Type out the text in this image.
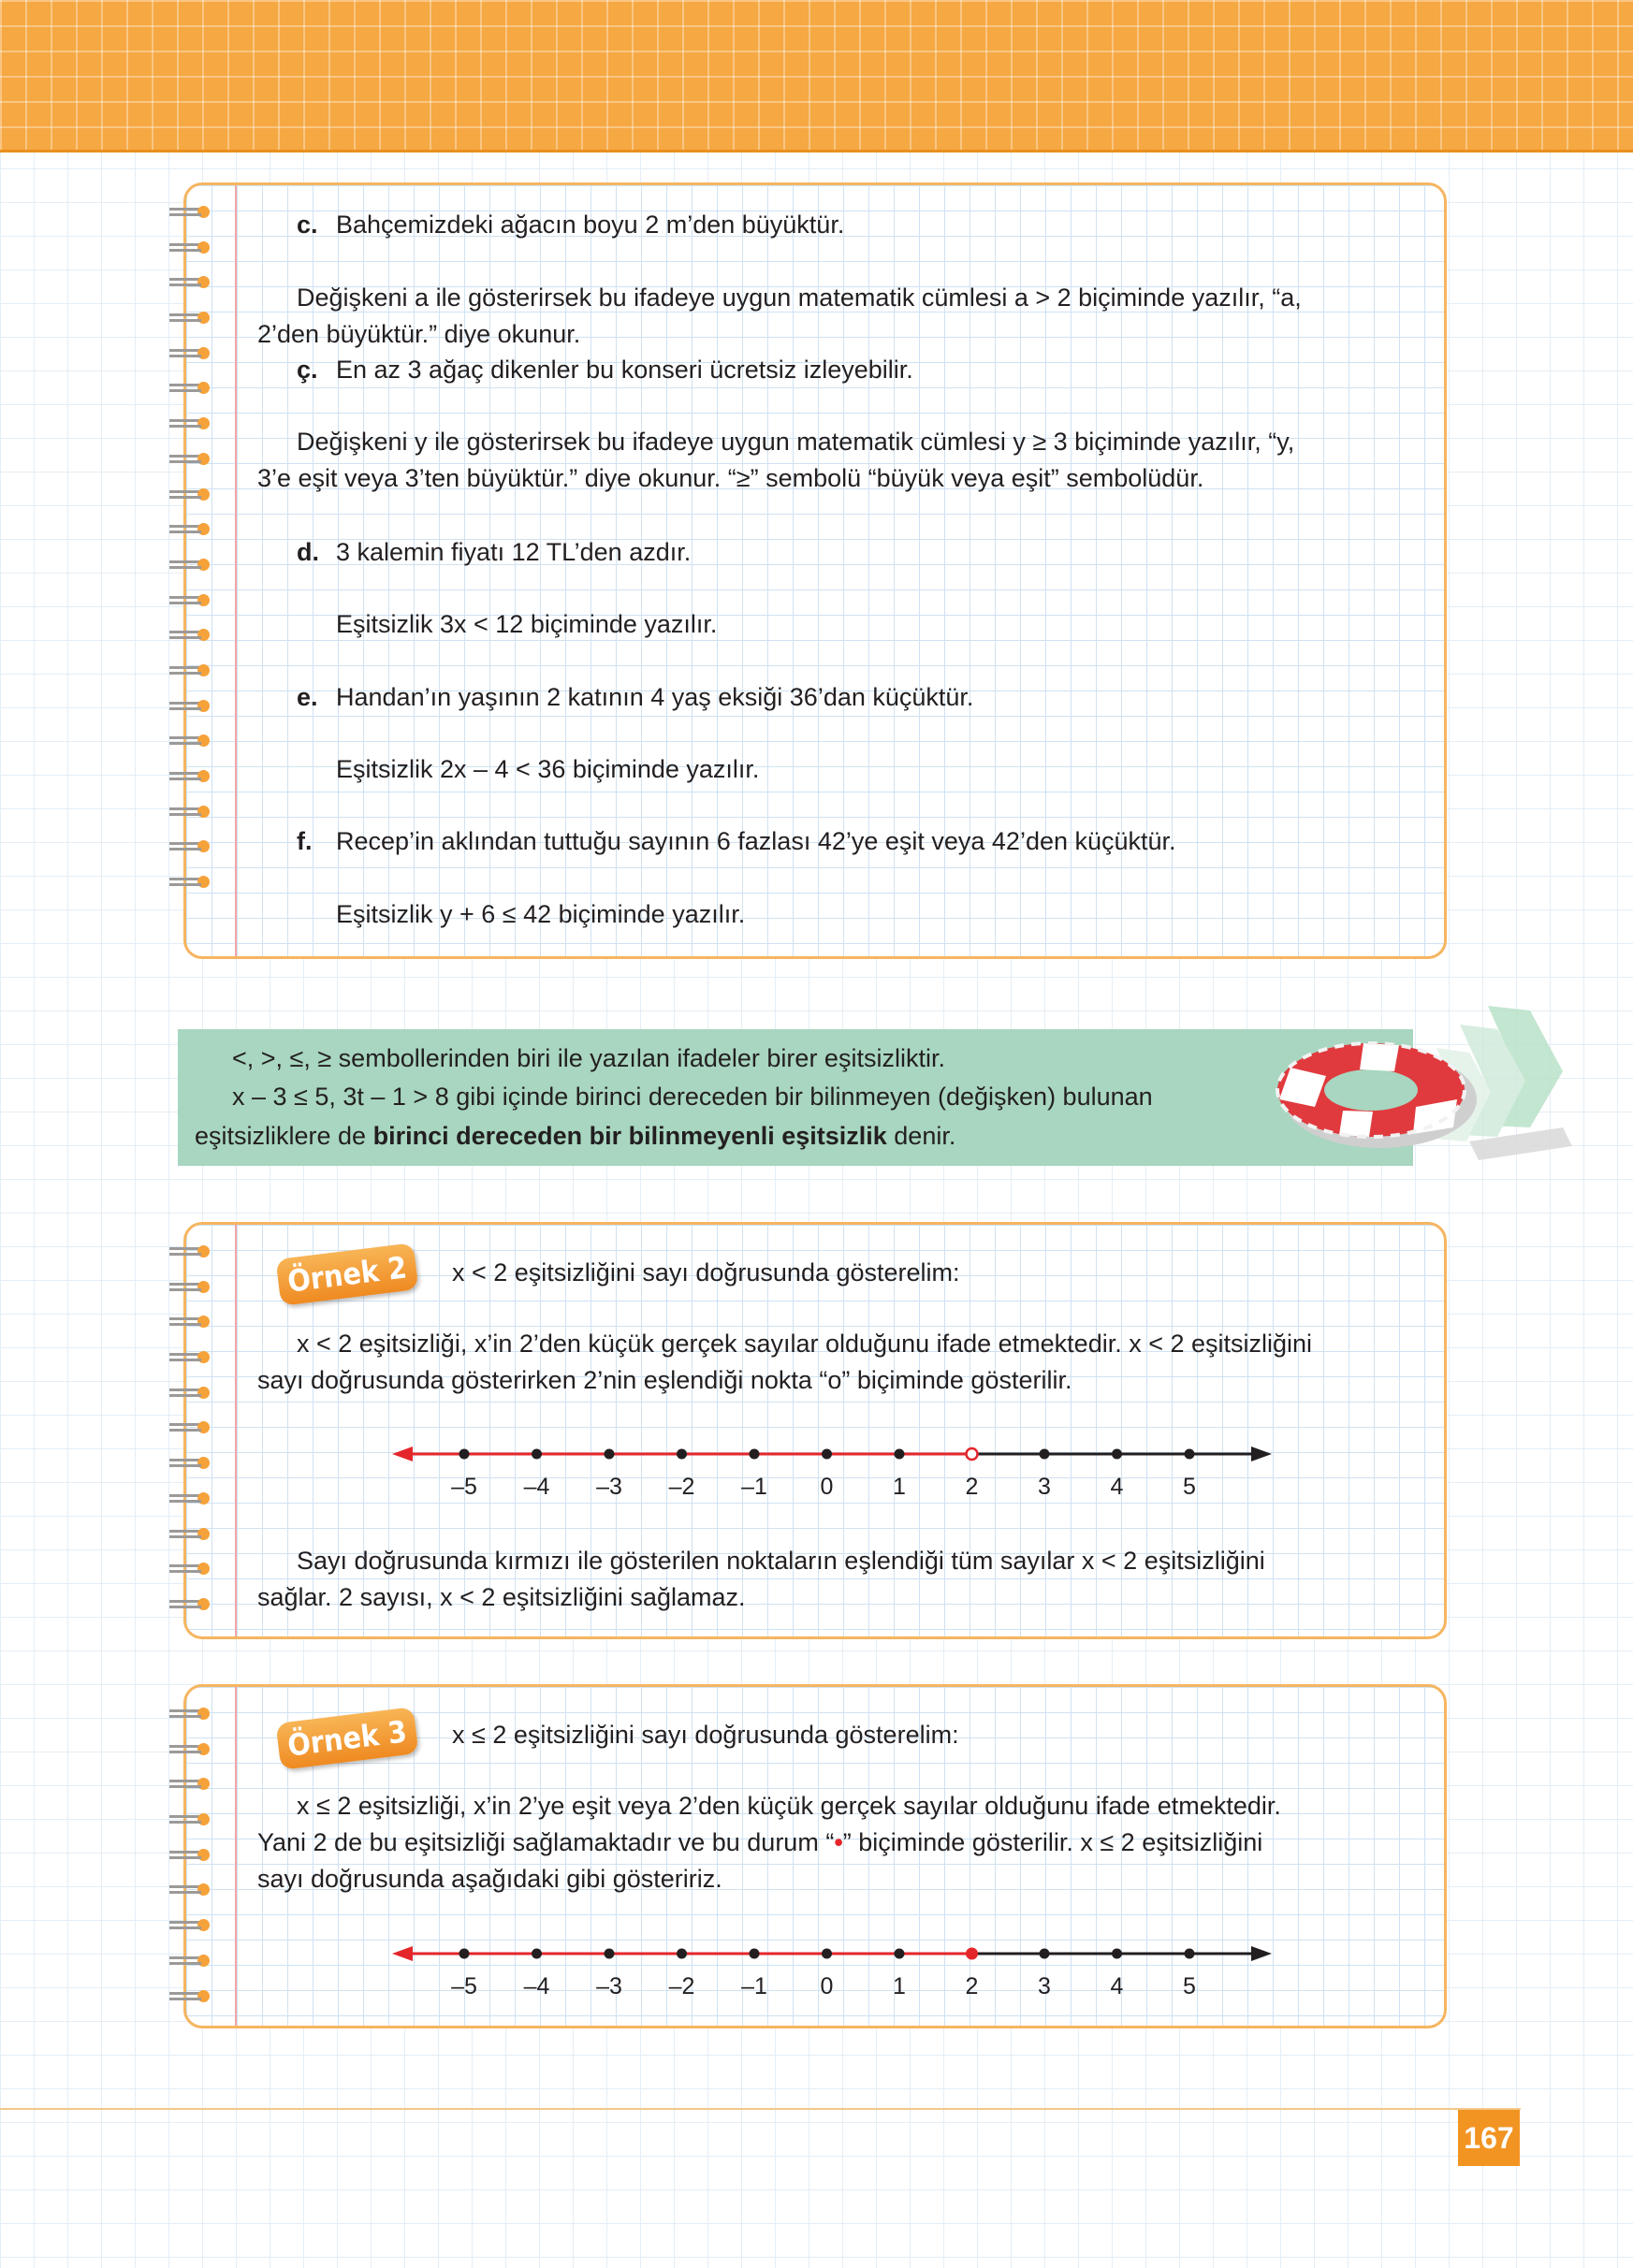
c. Bahçemizdeki ağacın boyu 2 m’den büyüktür.
Değişkeni a ile gösterirsek bu ifadeye uygun matematik cümlesi a > 2 biçiminde yazılır, “a,
2’den büyüktür.” diye okunur.
ç. En az 3 ağaç dikenler bu konseri ücretsiz izleyebilir.
Değişkeni y ile gösterirsek bu ifadeye uygun matematik cümlesi y ≥ 3 biçiminde yazılır, “y,
3’e eşit veya 3’ten büyüktür.” diye okunur. “≥” sembolü “büyük veya eşit” sembolüdür.
d. 3 kalemin fiyatı 12 TL’den azdır.
Eşitsizlik 3x < 12 biçiminde yazılır.
e. Handan’ın yaşının 2 katının 4 yaş eksiği 36’dan küçüktür.
Eşitsizlik 2x – 4 < 36 biçiminde yazılır.
f. Recep’in aklından tuttuğu sayının 6 fazlası 42’ye eşit veya 42’den küçüktür.
Eşitsizlik y + 6 ≤ 42 biçiminde yazılır.
<, >, ≤, ≥ sembollerinden biri ile yazılan ifadeler birer eşitsizliktir.
x – 3 ≤ 5, 3t – 1 > 8 gibi içinde birinci dereceden bir bilinmeyen (değişken) bulunan
eşitsizliklere de birinci dereceden bir bilinmeyenli eşitsizlik denir.
Örnek 2	x < 2 eşitsizliğini sayı doğrusunda gösterelim:
x < 2 eşitsizliği, x’in 2’den küçük gerçek sayılar olduğunu ifade etmektedir. x < 2 eşitsizliğini
sayı doğrusunda gösterirken 2’nin eşlendiği nokta “o” biçiminde gösterilir.
–5 –4 –3 –2 –1 0	1	2	3	4	5
Sayı doğrusunda kırmızı ile gösterilen noktaların eşlendiği tüm sayılar x < 2 eşitsizliğini
sağlar. 2 sayısı, x < 2 eşitsizliğini sağlamaz.
Örnek 3	x ≤ 2 eşitsizliğini sayı doğrusunda gösterelim:
x ≤ 2 eşitsizliği, x’in 2’ye eşit veya 2’den küçük gerçek sayılar olduğunu ifade etmektedir.
Yani 2 de bu eşitsizliği sağlamaktadır ve bu durum “•” biçiminde gösterilir. x ≤ 2 eşitsizliğini
sayı doğrusunda aşağıdaki gibi gösteririz.
–5 –4 –3 –2 –1 0	1	2	3	4	5
167
